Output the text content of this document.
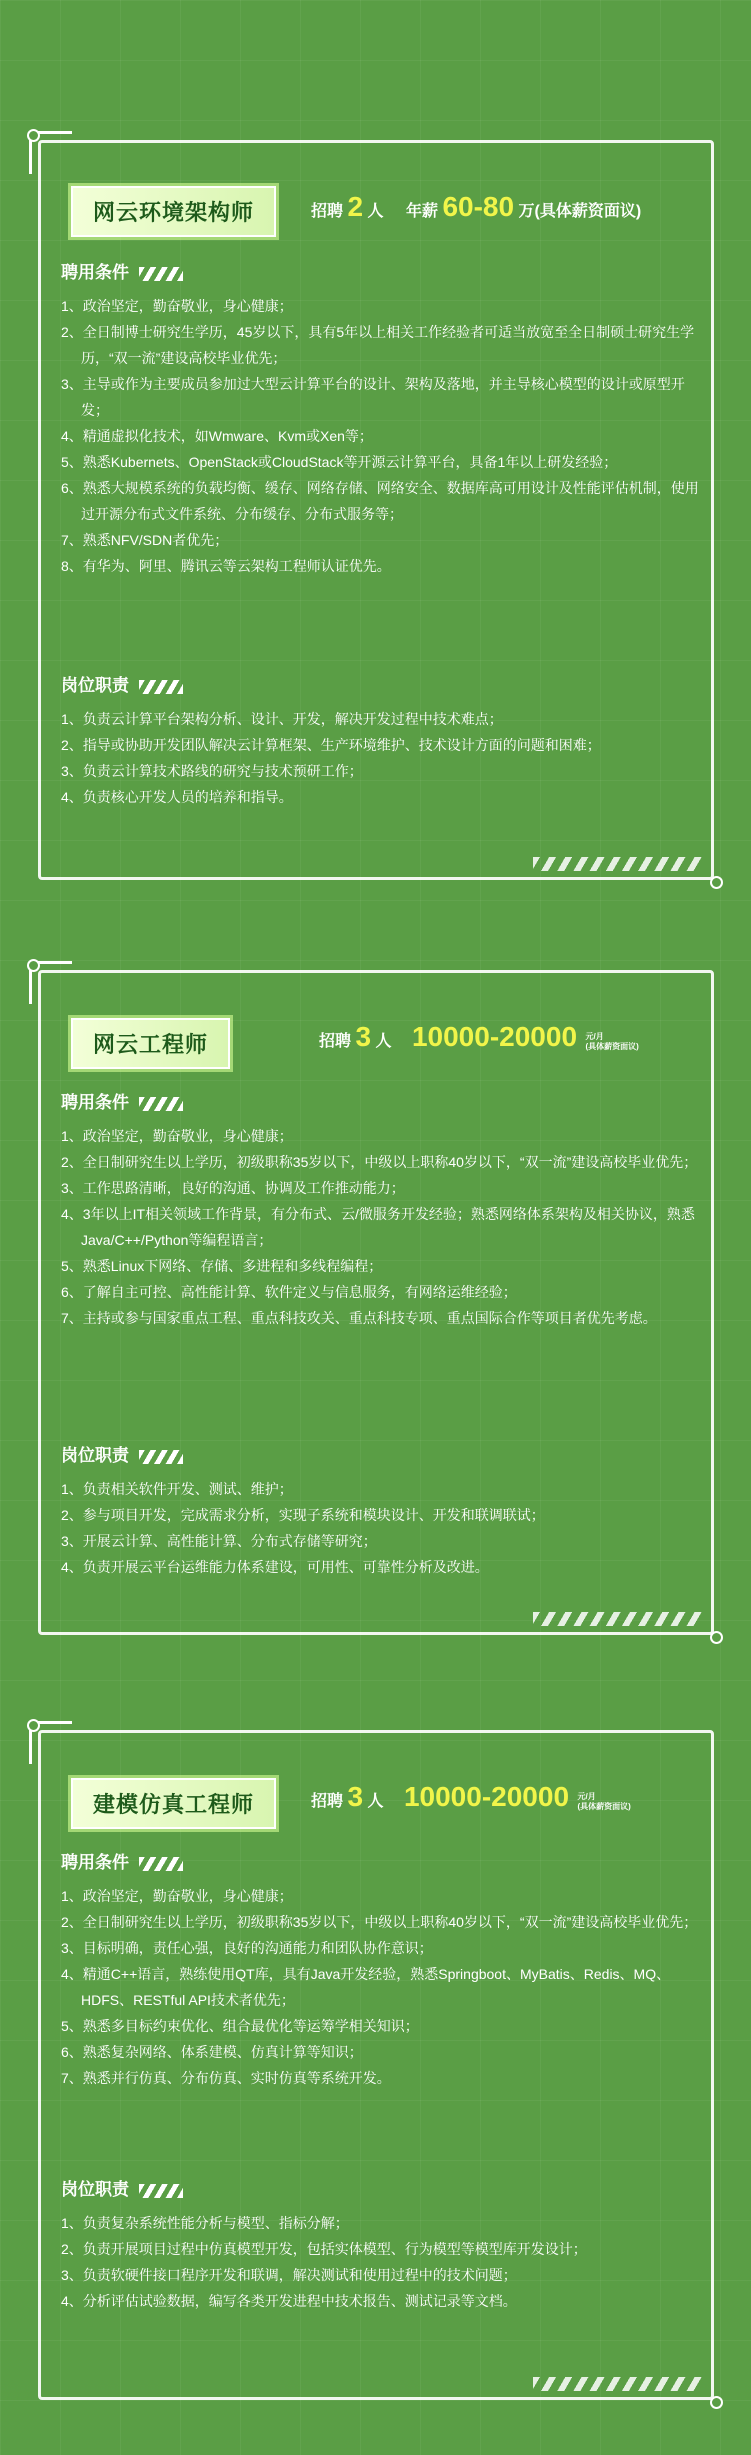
网云环境架构师	招聘 2 人 年薪 60-80 万(具体薪资面议)
聘用条件
1、政治坚定，勤奋敬业，身心健康；
2、全日制博士研究生学历，45岁以下，具有5年以上相关工作经验者可适当放宽至全日制硕士研究生学历，“双一流”建设高校毕业优先；
3、主导或作为主要成员参加过大型云计算平台的设计、架构及落地，并主导核心模型的设计或原型开发；
4、精通虚拟化技术，如Wmware、Kvm或Xen等；
5、熟悉Kubernets、OpenStack或CloudStack等开源云计算平台，具备1年以上研发经验；
6、熟悉大规模系统的负载均衡、缓存、网络存储、网络安全、数据库高可用设计及性能评估机制，使用过开源分布式文件系统、分布缓存、分布式服务等；
7、熟悉NFV/SDN者优先；
8、有华为、阿里、腾讯云等云架构工程师认证优先。
岗位职责
1、负责云计算平台架构分析、设计、开发，解决开发过程中技术难点；
2、指导或协助开发团队解决云计算框架、生产环境维护、技术设计方面的问题和困难；
3、负责云计算技术路线的研究与技术预研工作；
4、负责核心开发人员的培养和指导。
网云工程师	招聘 3 人 10000-20000 元/月
(具体薪资面议)
聘用条件
1、政治坚定，勤奋敬业，身心健康；
2、全日制研究生以上学历，初级职称35岁以下，中级以上职称40岁以下，“双一流”建设高校毕业优先；
3、工作思路清晰，良好的沟通、协调及工作推动能力；
4、3年以上IT相关领域工作背景，有分布式、云/微服务开发经验；熟悉网络体系架构及相关协议，熟悉Java/C++/Python等编程语言；
5、熟悉Linux下网络、存储、多进程和多线程编程；
6、了解自主可控、高性能计算、软件定义与信息服务，有网络运维经验；
7、主持或参与国家重点工程、重点科技攻关、重点科技专项、重点国际合作等项目者优先考虑。
岗位职责
1、负责相关软件开发、测试、维护；
2、参与项目开发，完成需求分析，实现子系统和模块设计、开发和联调联试；
3、开展云计算、高性能计算、分布式存储等研究；
4、负责开展云平台运维能力体系建设，可用性、可靠性分析及改进。
建模仿真工程师	招聘 3 人 10000-20000 元/月
(具体薪资面议)
聘用条件
1、政治坚定，勤奋敬业，身心健康；
2、全日制研究生以上学历，初级职称35岁以下，中级以上职称40岁以下，“双一流”建设高校毕业优先；
3、目标明确，责任心强，良好的沟通能力和团队协作意识；
4、精通C++语言，熟练使用QT库，具有Java开发经验，熟悉Springboot、MyBatis、Redis、MQ、HDFS、RESTful API技术者优先；
5、熟悉多目标约束优化、组合最优化等运筹学相关知识；
6、熟悉复杂网络、体系建模、仿真计算等知识；
7、熟悉并行仿真、分布仿真、实时仿真等系统开发。
岗位职责
1、负责复杂系统性能分析与模型、指标分解；
2、负责开展项目过程中仿真模型开发，包括实体模型、行为模型等模型库开发设计；
3、负责软硬件接口程序开发和联调，解决测试和使用过程中的技术问题；
4、分析评估试验数据，编写各类开发进程中技术报告、测试记录等文档。
